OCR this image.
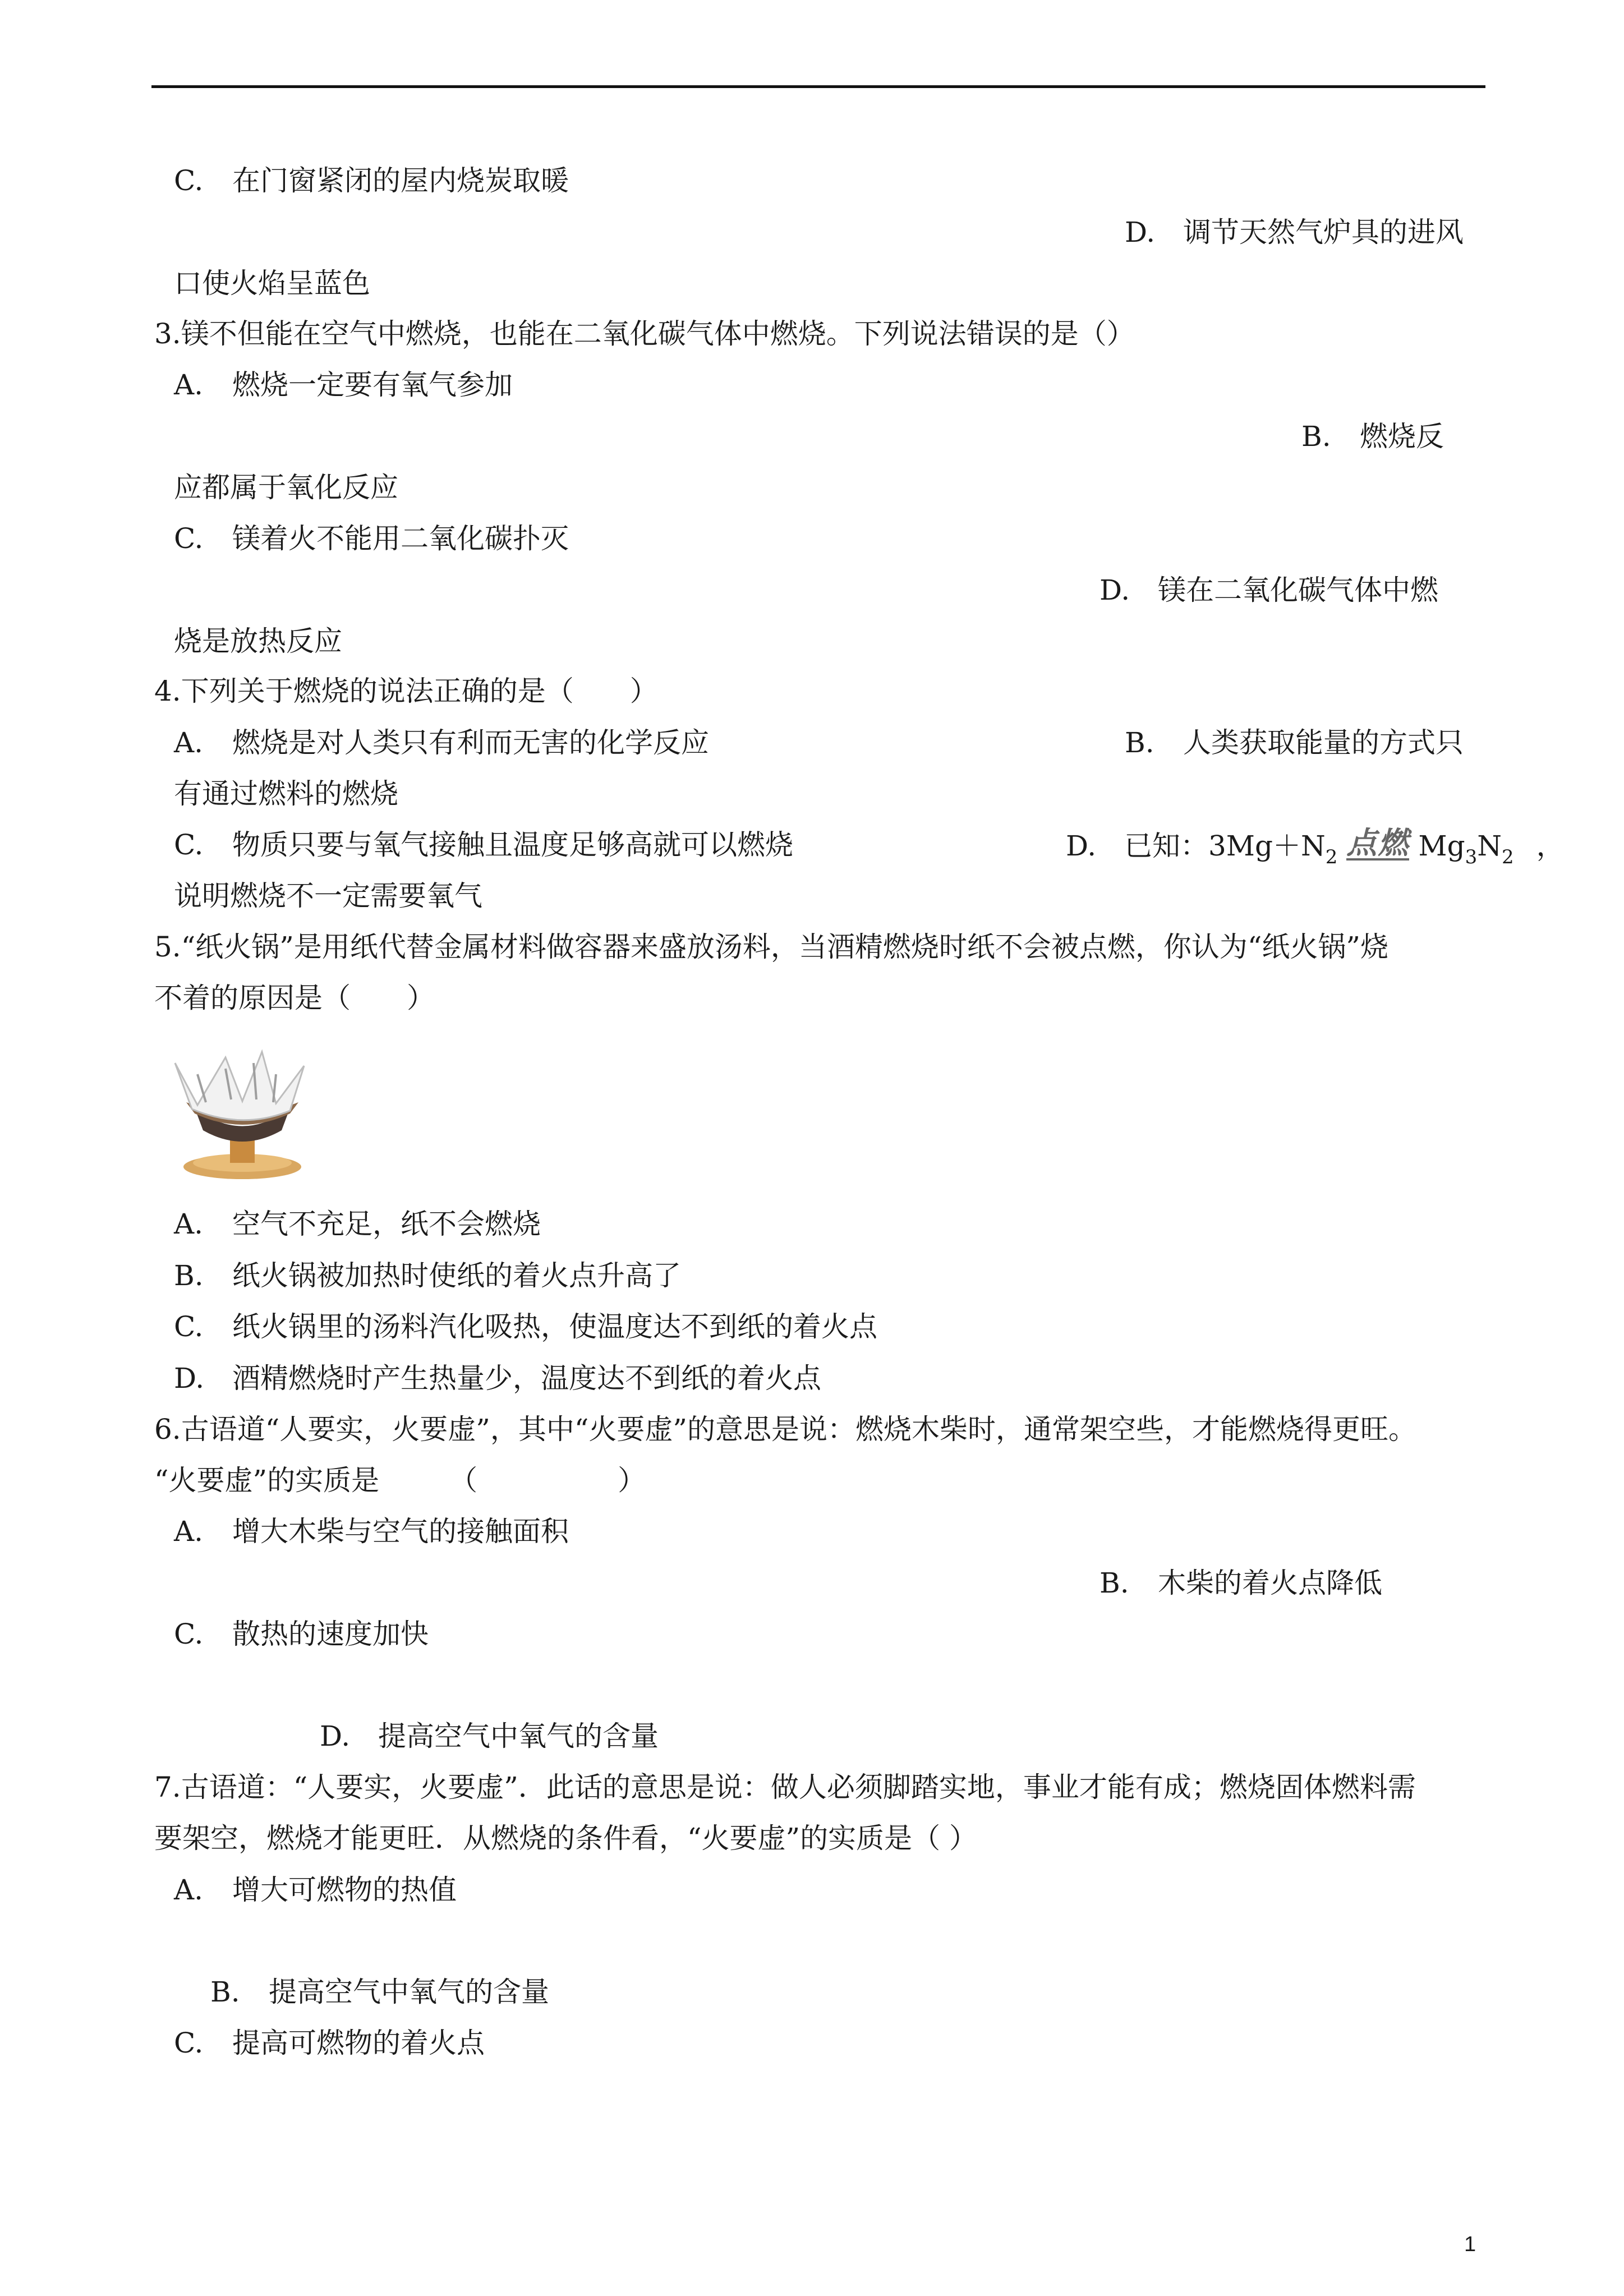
C. 在门窗紧闭的屋内烧炭取暖
D. 调节天然气炉具的进风
口使火焰呈蓝色
3.镁不但能在空气中燃烧，也能在二氧化碳气体中燃烧。下列说法错误的是（）
A. 燃烧一定要有氧气参加
B. 燃烧反
应都属于氧化反应
C. 镁着火不能用二氧化碳扑灭
D. 镁在二氧化碳气体中燃
烧是放热反应
4.下列关于燃烧的说法正确的是（　　）
A. 燃烧是对人类只有利而无害的化学反应	B. 人类获取能量的方式只
有通过燃料的燃烧
C. 物质只要与氧气接触且温度足够高就可以燃烧	D. 已知：$3Mg+N_2$ 点燃 $Mg_3N_2$ ，
说明燃烧不一定需要氧气
5.“纸火锅”是用纸代替金属材料做容器来盛放汤料，当酒精燃烧时纸不会被点燃，你认为“纸火锅”烧
不着的原因是（　　）
A. 空气不充足，纸不会燃烧
B. 纸火锅被加热时使纸的着火点升高了
C. 纸火锅里的汤料汽化吸热，使温度达不到纸的着火点
D. 酒精燃烧时产生热量少，温度达不到纸的着火点
6.古语道“人要实，火要虚”，其中“火要虚”的意思是说：燃烧木柴时，通常架空些，才能燃烧得更旺。
“火要虚”的实质是　　　（　　　　　）
A. 增大木柴与空气的接触面积
B. 木柴的着火点降低
C. 散热的速度加快
D. 提高空气中氧气的含量
7.古语道：“人要实，火要虚”．此话的意思是说：做人必须脚踏实地，事业才能有成；燃烧固体燃料需
要架空，燃烧才能更旺．从燃烧的条件看，“火要虚”的实质是（ ）
A. 增大可燃物的热值
B. 提高空气中氧气的含量
C. 提高可燃物的着火点
1
